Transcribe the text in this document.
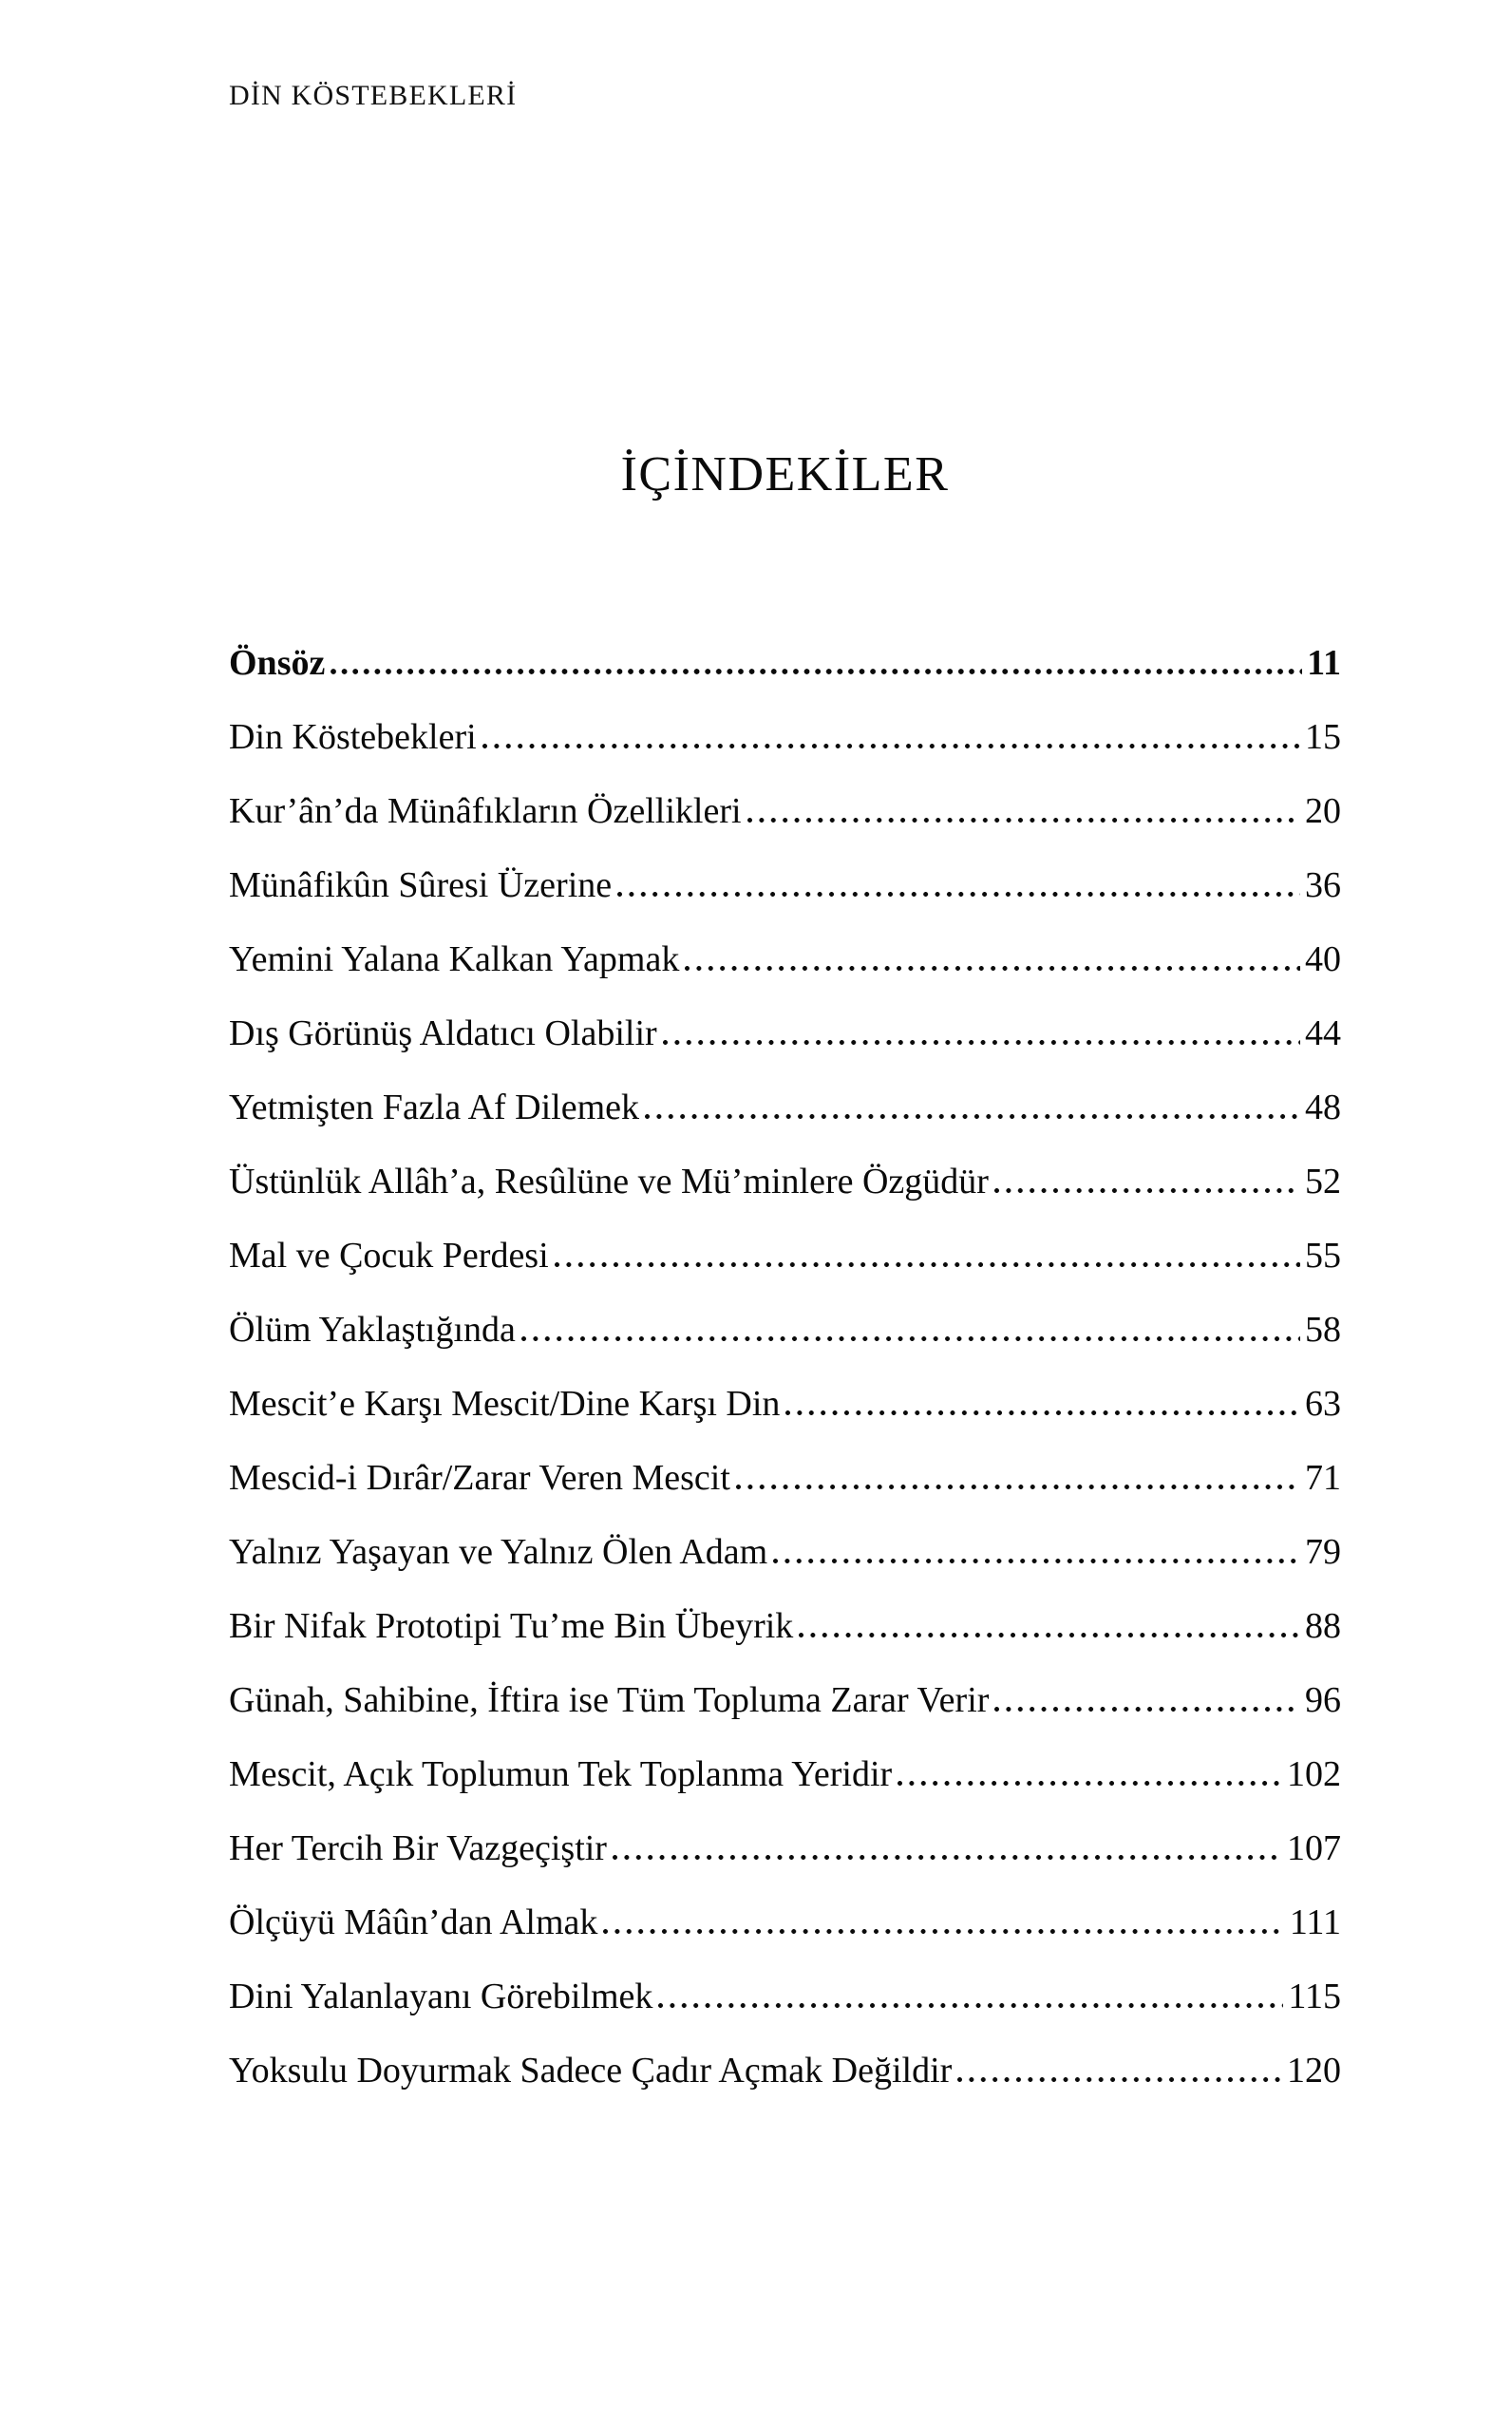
DİN KÖSTEBEKLERİ
İÇİNDEKİLER
Önsöz	11
Din Köstebekleri	15
Kur’ân’da Münâfıkların Özellikleri	20
Münâfikûn Sûresi Üzerine	36
Yemini Yalana Kalkan Yapmak	40
Dış Görünüş Aldatıcı Olabilir	44
Yetmişten Fazla Af Dilemek	48
Üstünlük Allâh’a, Resûlüne ve Mü’minlere Özgüdür	52
Mal ve Çocuk Perdesi	55
Ölüm Yaklaştığında	58
Mescit’e Karşı Mescit/Dine Karşı Din	63
Mescid-i Dırâr/Zarar Veren Mescit	71
Yalnız Yaşayan ve Yalnız Ölen Adam	79
Bir Nifak Prototipi Tu’me Bin Übeyrik	88
Günah, Sahibine, İftira ise Tüm Topluma Zarar Verir	96
Mescit, Açık Toplumun Tek Toplanma Yeridir	102
Her Tercih Bir Vazgeçiştir	107
Ölçüyü Mâûn’dan Almak	111
Dini Yalanlayanı Görebilmek	115
Yoksulu Doyurmak Sadece Çadır Açmak Değildir	120
